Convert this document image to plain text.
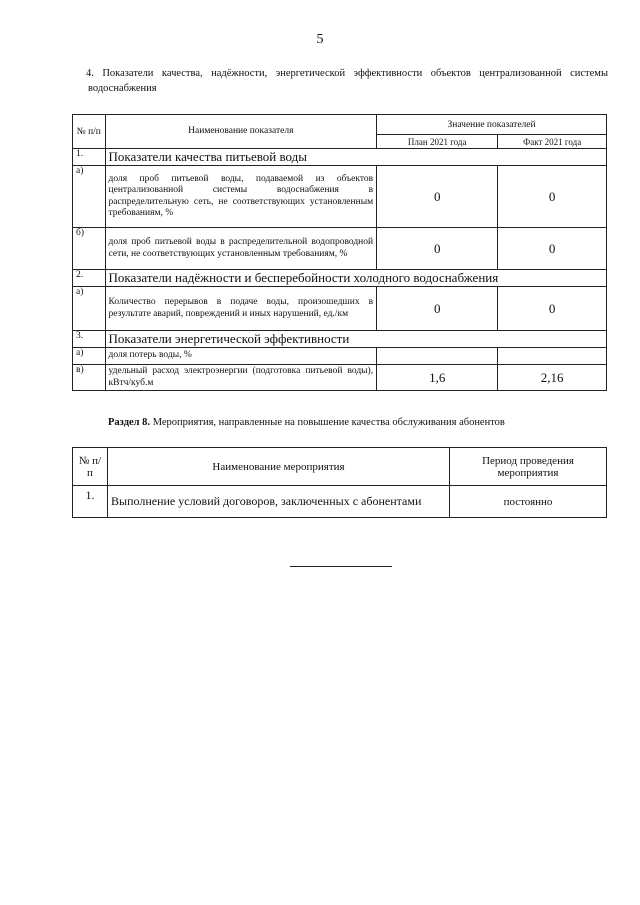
5
4. Показатели качества, надёжности, энергетической эффективности объектов централизованной системы водоснабжения
№ п/п	Наименование показателя	Значение показателей	
		План 2021 года	Факт 2021 года
1.	Показатели качества питьевой воды		
а)	доля проб питьевой воды, подаваемой из объектов централизованной системы водоснабжения в распределительную сеть, не соответствующих установленным требованиям, %	0	0
б)	доля проб питьевой воды в распределительной водопроводной сети, не соответствующих установленным требованиям, %	0	0
2.	Показатели надёжности и бесперебойности холодного водоснабжения		
а)	Количество перерывов в подаче воды, произошедших в результате аварий, повреждений и иных нарушений, ед./км	0	0
3.	Показатели энергетической эффективности		
а)	доля потерь воды, %		
в)	удельный расход электроэнергии (подготовка питьевой воды), кВтч/куб.м	1,6	2,16
Раздел 8. Мероприятия, направленные на повышение качества обслуживания абонентов
№ п/п	Наименование мероприятия	Период проведения мероприятия
1.	Выполнение условий договоров, заключенных с абонентами	постоянно
